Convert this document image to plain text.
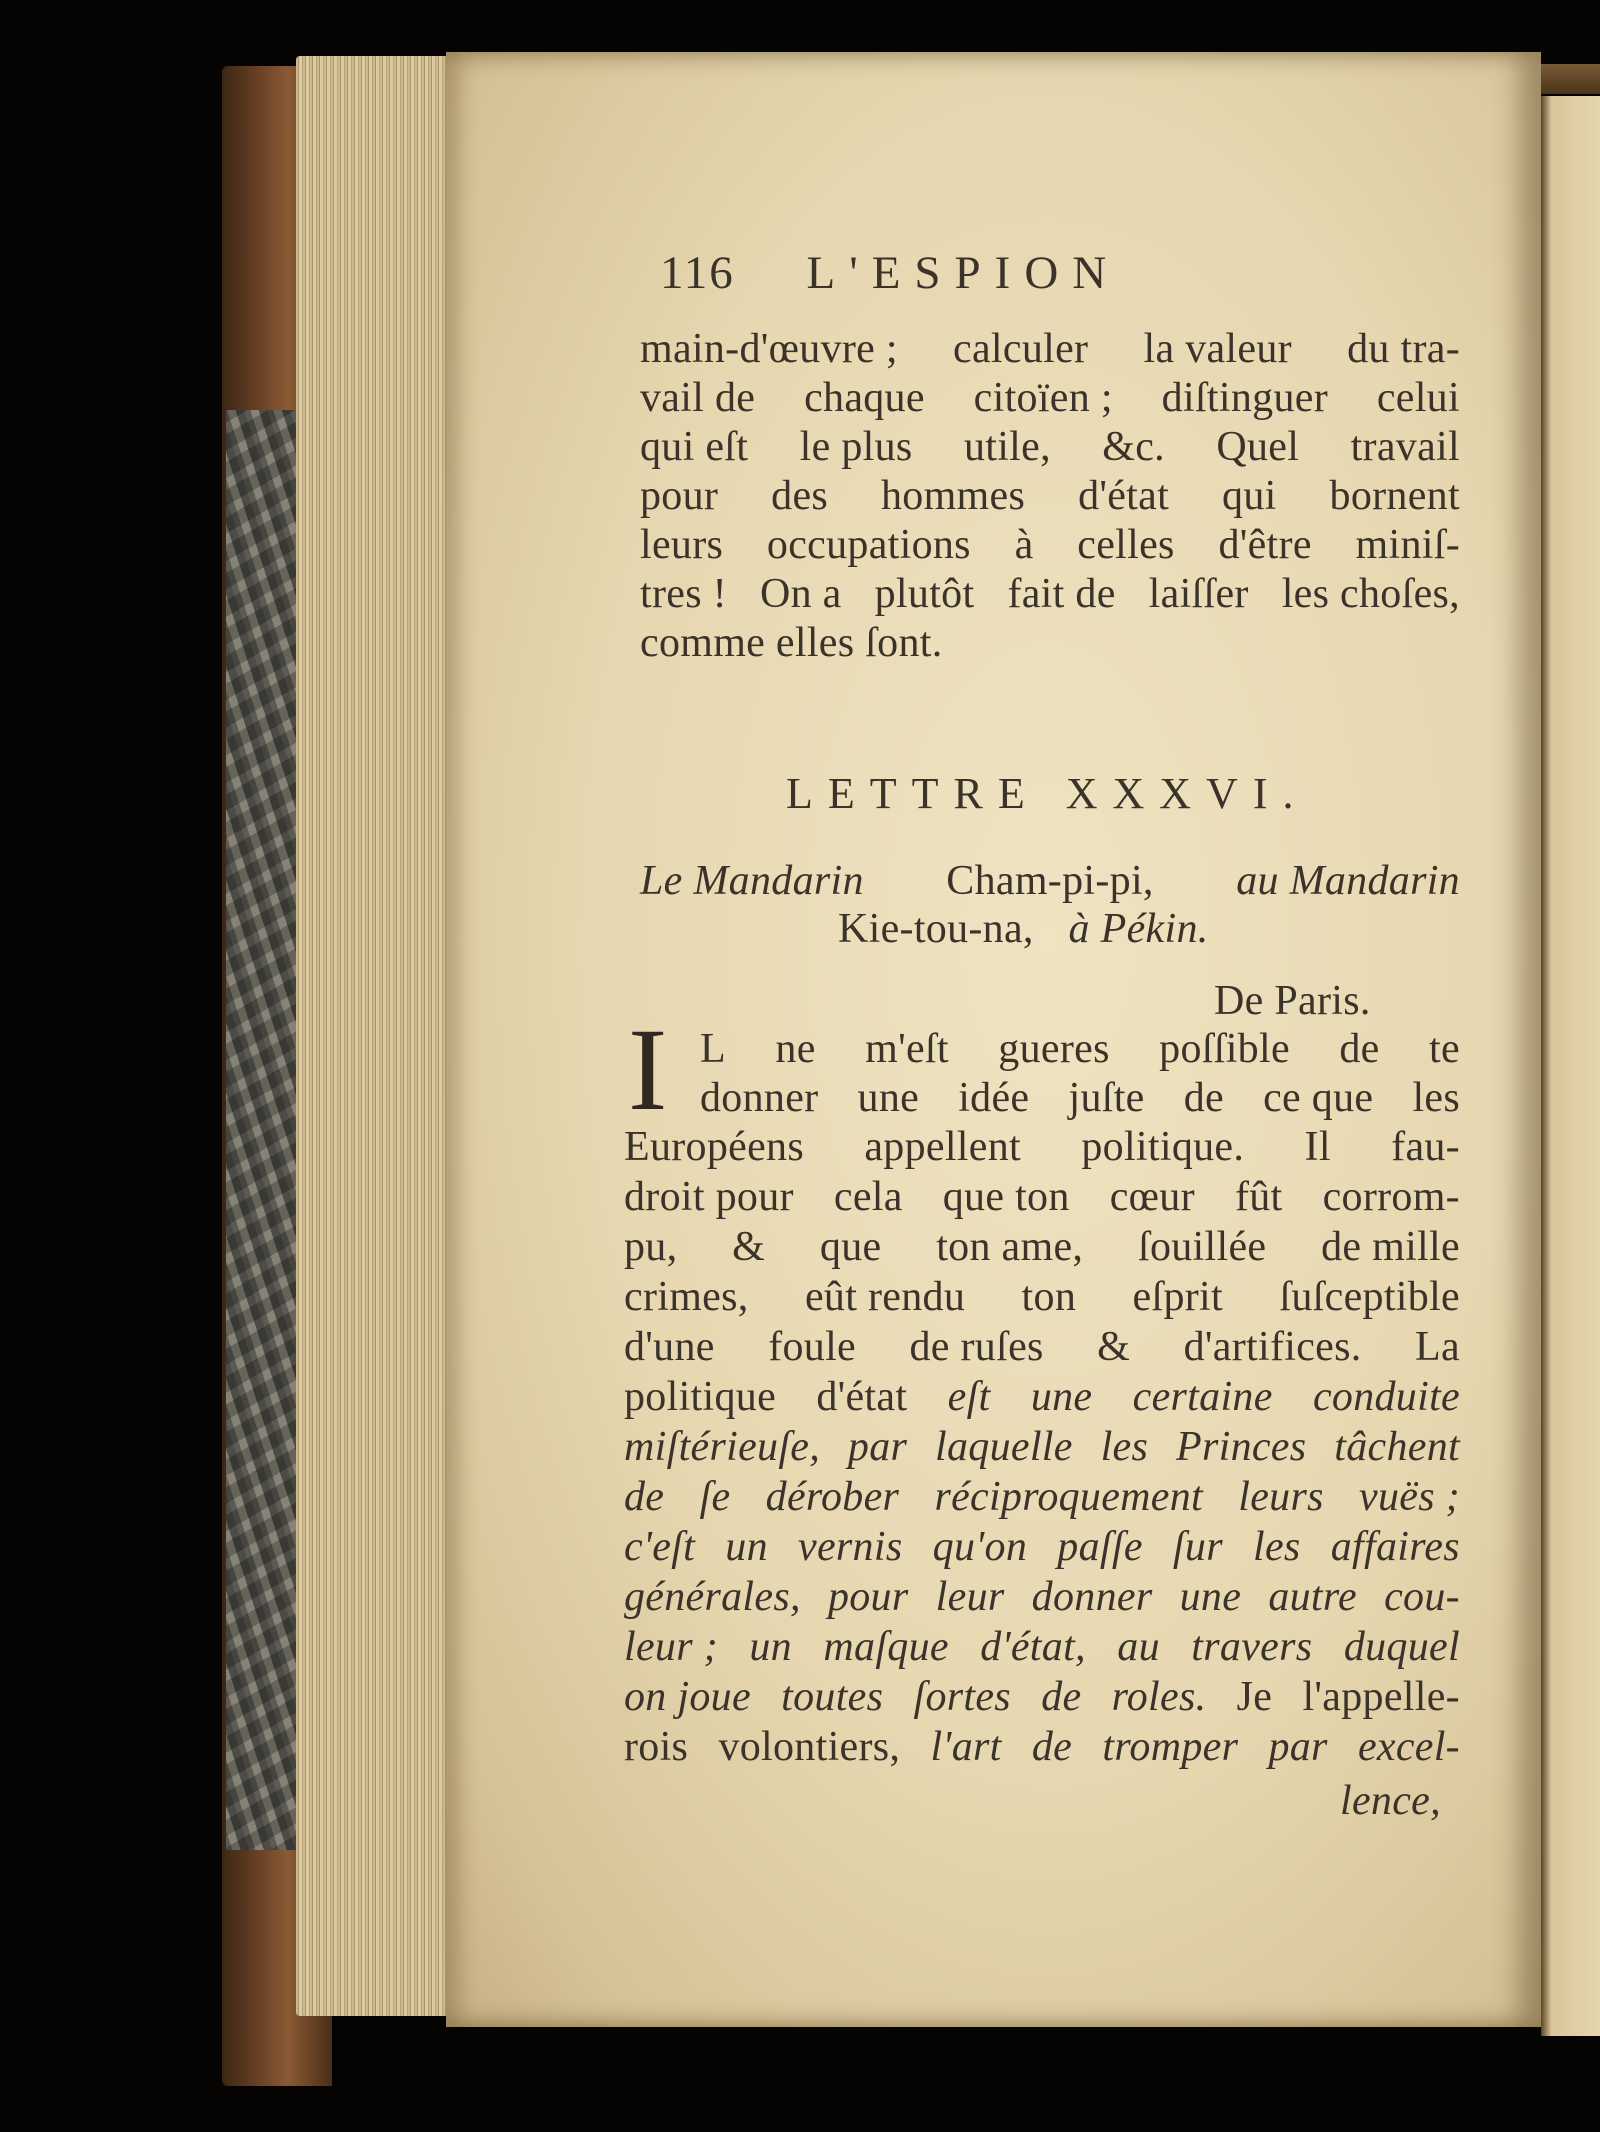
116 L'ESPION
main-d'œuvre ; calculer la valeur du tra-
vail de chaque citoïen ; diſtinguer celui
qui eſt le plus utile, &c. Quel travail
pour des hommes d'état qui bornent
leurs occupations à celles d'être miniſ-
tres ! On a plutôt fait de laiſſer les choſes,
comme elles ſont.
LETTRE XXXVI.
Le Mandarin Cham-pi-pi, au Mandarin
Kie-tou-na, à Pékin.
De Paris.
I L ne m'eſt gueres poſſible de te
donner une idée juſte de ce que les
Européens appellent politique. Il fau-
droit pour cela que ton cœur fût corrom-
pu, & que ton ame, ſouillée de mille
crimes, eût rendu ton eſprit ſuſceptible
d'une foule de ruſes & d'artifices. La
politique d'état eſt une certaine conduite
miſtérieuſe, par laquelle les Princes tâchent
de ſe dérober réciproquement leurs vuës ;
c'eſt un vernis qu'on paſſe ſur les affaires
générales, pour leur donner une autre cou-
leur ; un maſque d'état, au travers duquel
on joue toutes ſortes de roles. Je l'appelle-
rois volontiers, l'art de tromper par excel-
lence,
